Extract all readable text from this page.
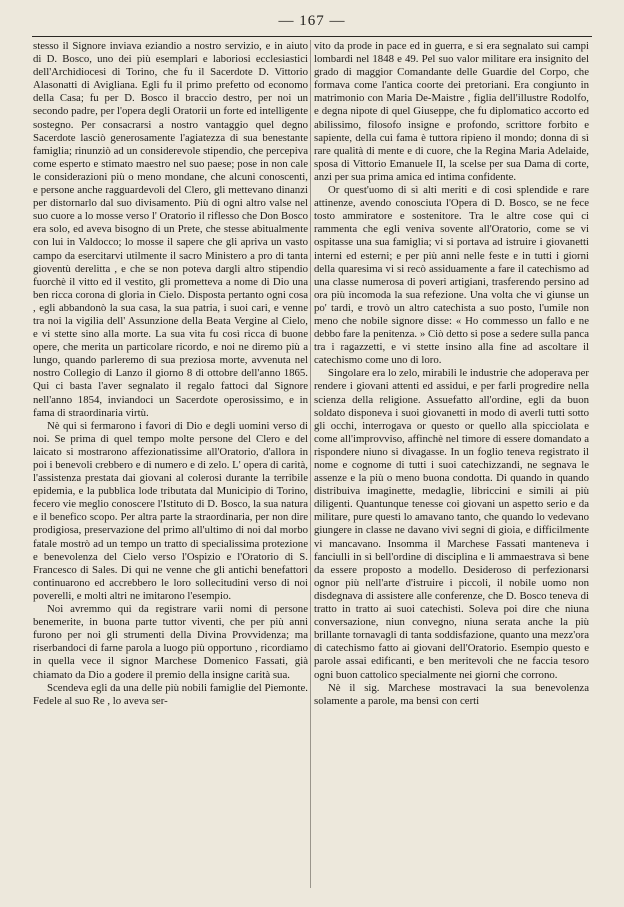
— 167 —

stesso il Signore inviava eziandio a nostro servizio, e in aiuto di D. Bosco, uno dei più esemplari e laboriosi ecclesiastici dell'Archidiocesi di Torino, che fu il Sacerdote D. Vittorio Alasonatti di Avigliana. Egli fu il primo prefetto od economo della Casa; fu per D. Bosco il braccio destro, per noi un secondo padre, per l'opera degli Oratorii un forte ed intelligente sostegno. Per consacrarsi a nostro vantaggio quel degno Sacerdote lasciò generosamente l'agiatezza di sua benestante famiglia; rinunziò ad un considerevole stipendio, che percepiva come esperto e stimato maestro nel suo paese; pose in non cale le considerazioni più o meno mondane, che alcuni conoscenti, e persone anche ragguardevoli del Clero, gli mettevano dinanzi per distornarlo dal suo divisamento. Più di ogni altro valse nel suo cuore a lo mosse verso l' Oratorio il riflesso che Don Bosco era solo, ed aveva bisogno di un Prete, che stesse abitualmente con lui in Valdocco; lo mosse il sapere che gli apriva un vasto campo da esercitarvi utilmente il sacro Ministero a pro di tanta gioventù derelitta , e che se non poteva dargli altro stipendio fuorchè il vitto ed il vestito, gli prometteva a nome di Dio una ben ricca corona di gloria in Cielo. Disposta pertanto ogni cosa , egli abbandonò la sua casa, la sua patria, i suoi cari, e venne tra noi la vigilia dell' Assunzione della Beata Vergine al Cielo, e vi stette sino alla morte. La sua vita fu così ricca di buone opere, che merita un particolare ricordo, e noi ne diremo più a lungo, quando parleremo di sua preziosa morte, avvenuta nel nostro Collegio di Lanzo il giorno 8 di ottobre dell'anno 1865. Qui ci basta l'aver segnalato il regalo fattoci dal Signore nell'anno 1854, inviandoci un Sacerdote operosissimo, e in fama di straordinaria virtù.

Nè qui si fermarono i favori di Dio e degli uomini verso di noi. Se prima di quel tempo molte persone del Clero e del laicato si mostrarono affezionatissime all'Oratorio, d'allora in poi i benevoli crebbero e di numero e di zelo. L' opera di carità, l'assistenza prestata dai giovani al colerosi durante la terribile epidemia, e la pubblica lode tributata dal Municipio di Torino, fecero vie meglio conoscere l'Istituto di D. Bosco, la sua natura e il benefico scopo. Per altra parte la straordinaria, per non dire prodigiosa, preservazione del primo all'ultimo di noi dal morbo fatale mostrò ad un tempo un tratto di specialissima protezione e benevolenza del Cielo verso l'Ospizio e l'Oratorio di S. Francesco di Sales. Di qui ne venne che gli antichi benefattori continuarono ed accrebbero le loro sollecitudini verso di noi poverelli, e molti altri ne imitarono l'esempio.

Noi avremmo qui da registrare varii nomi di persone benemerite, in buona parte tuttor viventi, che per più anni furono per noi gli strumenti della Divina Provvidenza; ma riserbandoci di farne parola a luogo più opportuno , ricordiamo in quella vece il signor Marchese Domenico Fassati, già chiamato da Dio a godere il premio della insigne carità sua.

Scendeva egli da una delle più nobili famiglie del Piemonte. Fedele al suo Re , lo aveva ser-

vito da prode in pace ed in guerra, e si era segnalato sui campi lombardi nel 1848 e 49. Pel suo valor militare era insignito del grado di maggior Comandante delle Guardie del Corpo, che formava come l'antica coorte dei pretoriani. Era congiunto in matrimonio con Maria De-Maistre , figlia dell'illustre Rodolfo, e degna nipote di quel Giuseppe, che fu diplomatico accorto ed abilissimo, filosofo insigne e profondo, scrittore forbito e sapiente, della cui fama è tuttora ripieno il mondo; donna di sì rare qualità di mente e di cuore, che la Regina Maria Adelaide, sposa di Vittorio Emanuele II, la scelse per sua Dama di corte, anzi per sua prima amica ed intima confidente.

Or quest'uomo di sì alti meriti e di così splendide e rare attinenze, avendo conosciuta l'Opera di D. Bosco, se ne fece tosto ammiratore e sostenitore. Tra le altre cose qui ci rammenta che egli veniva sovente all'Oratorio, come se vi ospitasse una sua famiglia; vi si portava ad istruire i giovanetti interni ed esterni; e per più anni nelle feste e in tutti i giorni della quaresima vi si recò assiduamente a fare il catechismo ad una classe numerosa di poveri artigiani, trasferendo persino ad ora più incomoda la sua refezione. Una volta che vi giunse un po' tardi, e trovò un altro catechista a suo posto, l'umile non meno che nobile signore disse: « Ho commesso un fallo e ne debbo fare la penitenza. » Ciò detto si pose a sedere sulla panca tra i ragazzetti, e vi stette insino alla fine ad ascoltare il catechismo come uno di loro.

Singolare era lo zelo, mirabili le industrie che adoperava per rendere i giovani attenti ed assidui, e per farli progredire nella scienza della religione. Assuefatto all'ordine, egli da buon soldato disponeva i suoi giovanetti in modo di averli tutti sotto gli occhi, interrogava or questo or quello alla spicciolata e come all'improvviso, affinchè nel timore di essere domandato a rispondere niuno si divagasse. In un foglio teneva registrato il nome e cognome di tutti i suoi catechizzandi, ne segnava le assenze e la più o meno buona condotta. Di quando in quando distribuiva imaginette, medaglie, libriccini e simili ai più diligenti. Quantunque tenesse coi giovani un aspetto serio e da militare, pure questi lo amavano tanto, che quando lo vedevano giungere in classe ne davano vivi segni di gioia, e difficilmente vi mancavano. Insomma il Marchese Fassati manteneva i fanciulli in sì bell'ordine di disciplina e li ammaestrava sì bene da essere proposto a modello. Desideroso di perfezionarsi ognor più nell'arte d'istruire i piccoli, il nobile uomo non disdegnava di assistere alle conferenze, che D. Bosco teneva di tratto in tratto ai suoi catechisti. Soleva poi dire che niuna conversazione, niun convegno, niuna serata anche la più brillante tornavagli di tanta soddisfazione, quanto una mezz'ora di catechismo fatto ai giovani dell'Oratorio. Esempio questo e parole assai edificanti, e ben meritevoli che ne faccia tesoro ogni buon cattolico specialmente nei giorni che corrono.

Nè il sig. Marchese mostravaci la sua benevolenza solamente a parole, ma bensì con certi
